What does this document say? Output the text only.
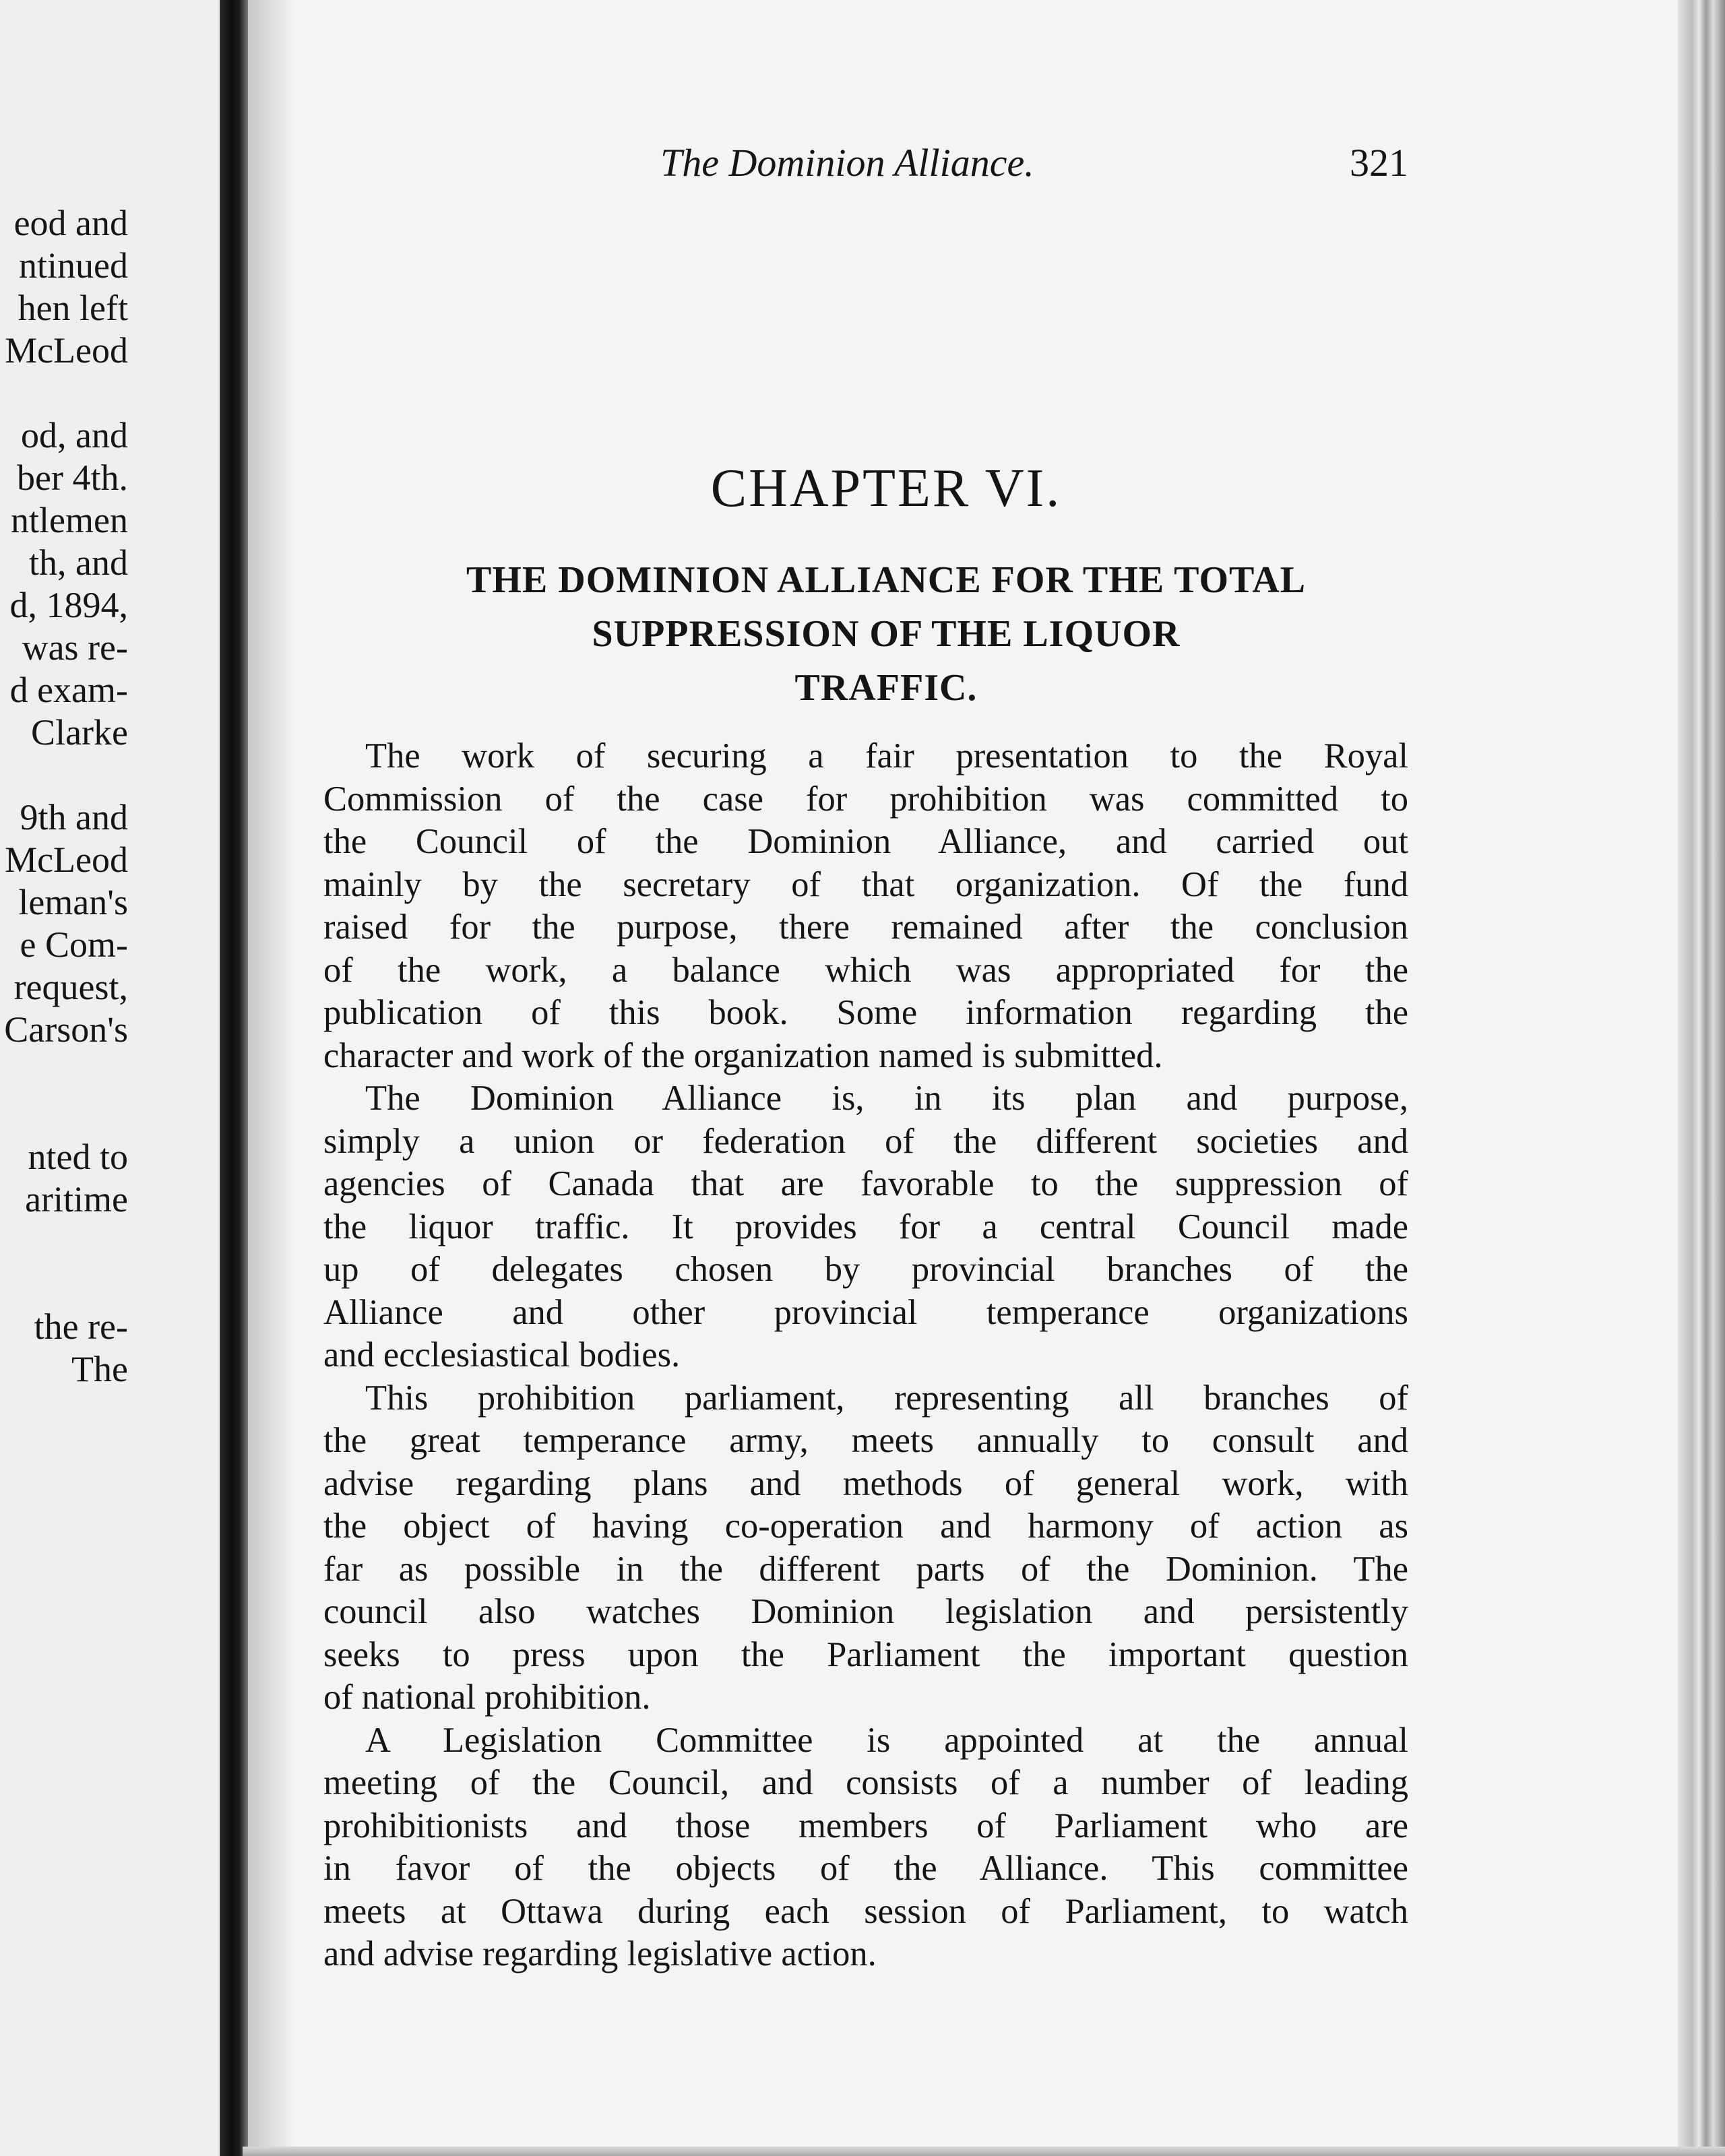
eod and
ntinued
hen left
McLeod
od, and
ber 4th.
ntlemen
th, and
d, 1894,
was re-
d exam-
Clarke
9th and
McLeod
leman's
e Com-
request,
Carson's
nted to
aritime
the re-
The
The Dominion Alliance.	321
CHAPTER VI.
THE DOMINION ALLIANCE FOR THE TOTAL
SUPPRESSION OF THE LIQUOR
TRAFFIC.
The work of securing a fair presentation to the Royal
Commission of the case for prohibition was committed to
the Council of the Dominion Alliance, and carried out
mainly by the secretary of that organization. Of the fund
raised for the purpose, there remained after the conclusion
of the work, a balance which was appropriated for the
publication of this book. Some information regarding the
character and work of the organization named is submitted.
The Dominion Alliance is, in its plan and purpose,
simply a union or federation of the different societies and
agencies of Canada that are favorable to the suppression of
the liquor traffic. It provides for a central Council made
up of delegates chosen by provincial branches of the
Alliance and other provincial temperance organizations
and ecclesiastical bodies.
This prohibition parliament, representing all branches of
the great temperance army, meets annually to consult and
advise regarding plans and methods of general work, with
the object of having co-operation and harmony of action as
far as possible in the different parts of the Dominion. The
council also watches Dominion legislation and persistently
seeks to press upon the Parliament the important question
of national prohibition.
A Legislation Committee is appointed at the annual
meeting of the Council, and consists of a number of leading
prohibitionists and those members of Parliament who are
in favor of the objects of the Alliance. This committee
meets at Ottawa during each session of Parliament, to watch
and advise regarding legislative action.
